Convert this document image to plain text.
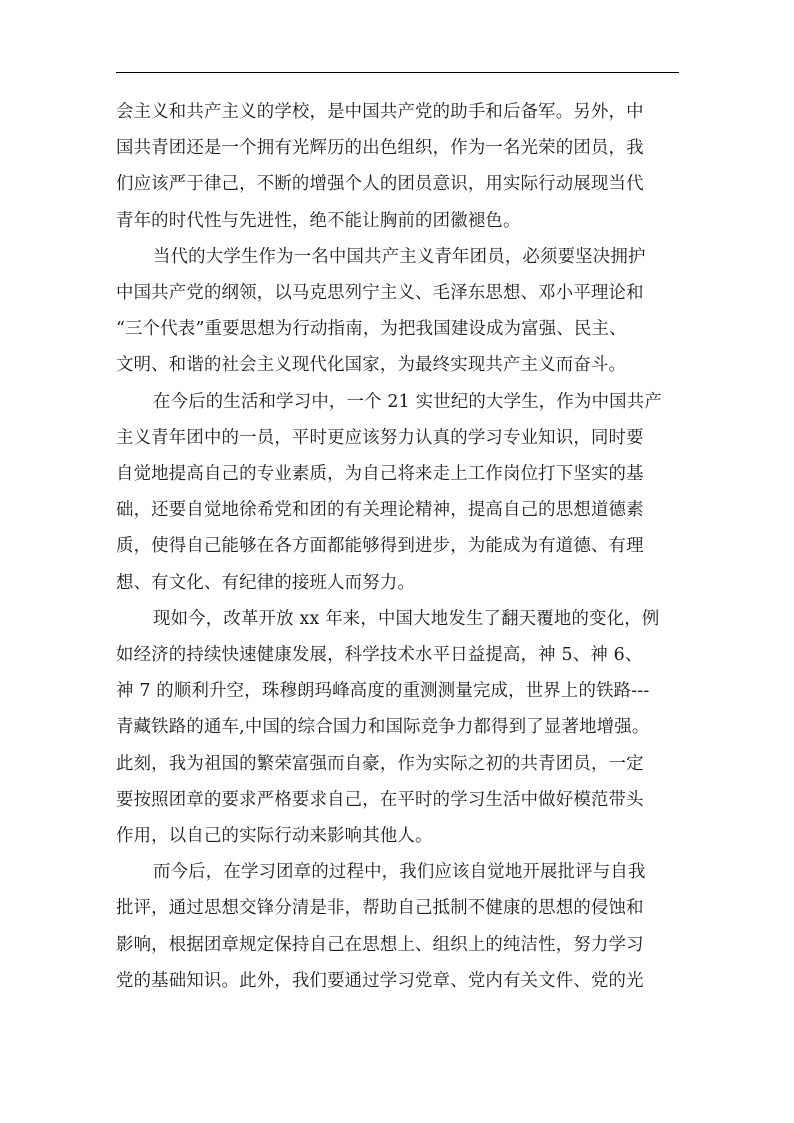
会主义和共产主义的学校，是中国共产党的助手和后备军。另外，中
国共青团还是一个拥有光辉历的出色组织，作为一名光荣的团员，我
们应该严于律己，不断的增强个人的团员意识，用实际行动展现当代
青年的时代性与先进性，绝不能让胸前的团徽褪色。

当代的大学生作为一名中国共产主义青年团员，必须要坚决拥护
中国共产党的纲领，以马克思列宁主义、毛泽东思想、邓小平理论和
“三个代表”重要思想为行动指南，为把我国建设成为富强、民主、
文明、和谐的社会主义现代化国家，为最终实现共产主义而奋斗。

在今后的生活和学习中，一个 21 实世纪的大学生，作为中国共产
主义青年团中的一员，平时更应该努力认真的学习专业知识，同时要
自觉地提高自己的专业素质，为自己将来走上工作岗位打下坚实的基
础，还要自觉地徐希党和团的有关理论精神，提高自己的思想道德素
质，使得自己能够在各方面都能够得到进步，为能成为有道德、有理
想、有文化、有纪律的接班人而努力。

现如今，改革开放 xx 年来，中国大地发生了翻天覆地的变化，例
如经济的持续快速健康发展，科学技术水平日益提高，神 5、神 6、
神 7 的顺利升空，珠穆朗玛峰高度的重测测量完成，世界上的铁路---
青藏铁路的通车,中国的综合国力和国际竞争力都得到了显著地增强。
此刻，我为祖国的繁荣富强而自豪，作为实际之初的共青团员，一定
要按照团章的要求严格要求自己，在平时的学习生活中做好模范带头
作用，以自己的实际行动来影响其他人。

而今后，在学习团章的过程中，我们应该自觉地开展批评与自我
批评，通过思想交锋分清是非，帮助自己抵制不健康的思想的侵蚀和
影响，根据团章规定保持自己在思想上、组织上的纯洁性，努力学习
党的基础知识。此外，我们要通过学习党章、党内有关文件、党的光
